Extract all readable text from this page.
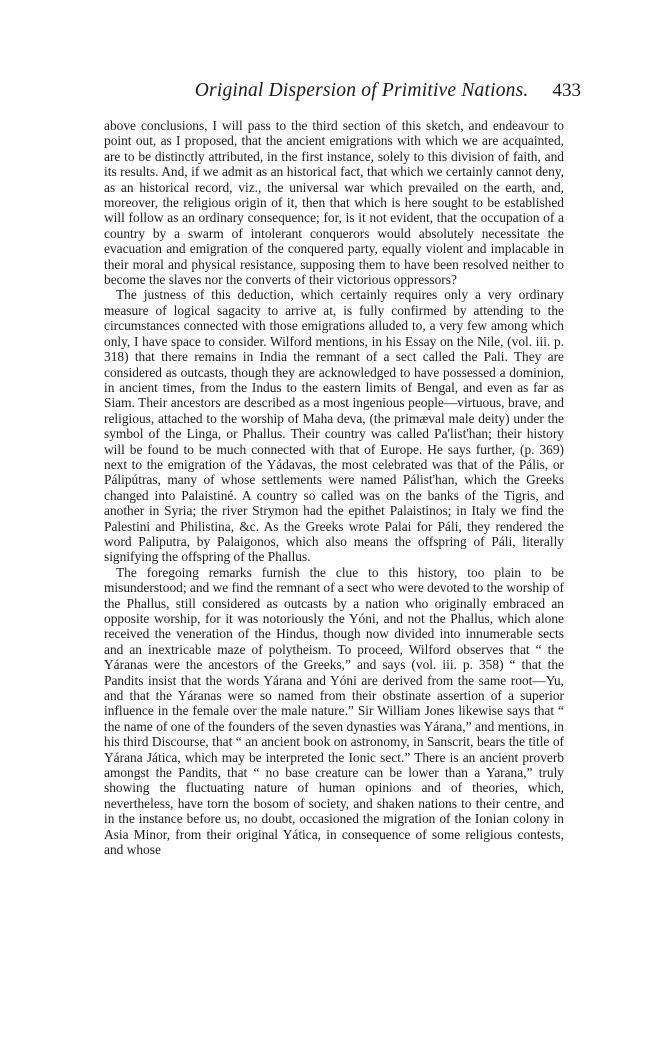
Original Dispersion of Primitive Nations. 433

above conclusions, I will pass to the third section of this sketch, and endeavour to point out, as I proposed, that the ancient emigrations with which we are acquainted, are to be distinctly attributed, in the first instance, solely to this division of faith, and its results. And, if we admit as an historical fact, that which we certainly cannot deny, as an historical record, viz., the universal war which prevailed on the earth, and, moreover, the religious origin of it, then that which is here sought to be established will follow as an ordinary consequence; for, is it not evident, that the occupation of a country by a swarm of intolerant conquerors would absolutely necessitate the evacuation and emigration of the conquered party, equally violent and implacable in their moral and physical resistance, supposing them to have been resolved neither to become the slaves nor the converts of their victorious oppressors?

The justness of this deduction, which certainly requires only a very ordinary measure of logical sagacity to arrive at, is fully confirmed by attending to the circumstances connected with those emigrations alluded to, a very few among which only, I have space to consider. Wilford mentions, in his Essay on the Nile, (vol. iii. p. 318) that there remains in India the remnant of a sect called the Pali. They are considered as outcasts, though they are acknowledged to have possessed a dominion, in ancient times, from the Indus to the eastern limits of Bengal, and even as far as Siam. Their ancestors are described as a most ingenious people—virtuous, brave, and religious, attached to the worship of Maha deva, (the primæval male deity) under the symbol of the Linga, or Phallus. Their country was called Pa'list'han; their history will be found to be much connected with that of Europe. He says further, (p. 369) next to the emigration of the Yádavas, the most celebrated was that of the Pális, or Pálipútras, many of whose settlements were named Pálist'han, which the Greeks changed into Palaistiné. A country so called was on the banks of the Tigris, and another in Syria; the river Strymon had the epithet Palaistinos; in Italy we find the Palestini and Philistina, &c. As the Greeks wrote Palai for Páli, they rendered the word Paliputra, by Palaigonos, which also means the offspring of Páli, literally signifying the offspring of the Phallus.

The foregoing remarks furnish the clue to this history, too plain to be misunderstood; and we find the remnant of a sect who were devoted to the worship of the Phallus, still considered as outcasts by a nation who originally embraced an opposite worship, for it was notoriously the Yóni, and not the Phallus, which alone received the veneration of the Hindus, though now divided into innumerable sects and an inextricable maze of polytheism. To proceed, Wilford observes that “ the Yáranas were the ancestors of the Greeks,” and says (vol. iii. p. 358) “ that the Pandits insist that the words Yárana and Yóni are derived from the same root—Yu, and that the Yáranas were so named from their obstinate assertion of a superior influence in the female over the male nature.” Sir William Jones likewise says that “ the name of one of the founders of the seven dynasties was Yárana,” and mentions, in his third Discourse, that “ an ancient book on astronomy, in Sanscrit, bears the title of Yárana Jática, which may be interpreted the Ionic sect.” There is an ancient proverb amongst the Pandits, that “ no base creature can be lower than a Yarana,” truly showing the fluctuating nature of human opinions and of theories, which, nevertheless, have torn the bosom of society, and shaken nations to their centre, and in the instance before us, no doubt, occasioned the migration of the Ionian colony in Asia Minor, from their original Yática, in consequence of some religious contests, and whose
